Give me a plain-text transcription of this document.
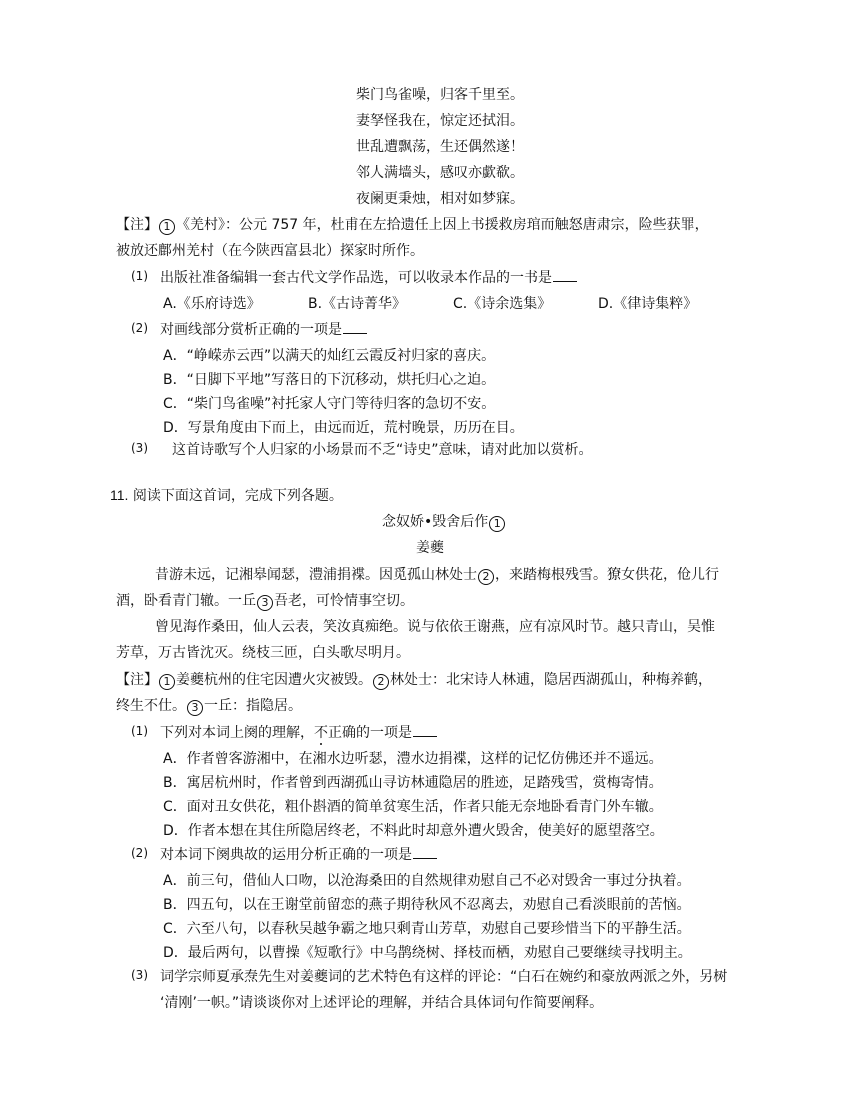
柴门鸟雀噪，归客千里至。
妻孥怪我在，惊定还拭泪。
世乱遭飘荡，生还偶然遂！
邻人满墙头，感叹亦歔欷。
夜阑更秉烛，相对如梦寐。
【注】 1 《羌村》：公元 757 年，杜甫在左拾遗任上因上书援救房琯而触怒唐肃宗，险些获罪，
被放还鄜州羌村（在今陕西富县北）探家时所作。
(1) 出版社准备编辑一套古代文学作品选，可以收录本作品的一书是
A.《乐府诗选》	B.《古诗菁华》	C.《诗余选集》	D.《律诗集粹》
(2) 对画线部分赏析正确的一项是
A．“峥嵘赤云西”以满天的灿红云霞反衬归家的喜庆。
B．“日脚下平地”写落日的下沉移动，烘托归心之迫。
C．“柴门鸟雀噪”衬托家人守门等待归客的急切不安。
D．写景角度由下而上，由远而近，荒村晚景，历历在目。
(3) 这首诗歌写个人归家的小场景而不乏“诗史”意味，请对此加以赏析。
11. 阅读下面这首词，完成下列各题。
念奴娇•毁舍后作 1
姜夔
昔游未远，记湘皋闻瑟，澧浦捐褋。因觅孤山林处士 2 ，来踏梅根残雪。獠女供花，伧儿行
酒，卧看青门辙。一丘 3 吾老，可怜情事空切。
曾见海作桑田，仙人云表，笑汝真痴绝。说与依依王谢燕，应有凉风时节。越只青山，吴惟
芳草，万古皆沈灭。绕枝三匝，白头歌尽明月。
【注】 1 姜夔杭州的住宅因遭火灾被毁。 2 林处士：北宋诗人林逋，隐居西湖孤山，种梅养鹤，
终生不仕。 3 一丘：指隐居。
(1) 下列对本词上阕的理解，不正确的一项是
A．作者曾客游湘中，在湘水边听瑟，澧水边捐褋，这样的记忆仿佛还并不遥远。
B．寓居杭州时，作者曾到西湖孤山寻访林逋隐居的胜迹，足踏残雪，赏梅寄情。
C．面对丑女供花，粗仆斟酒的简单贫寒生活，作者只能无奈地卧看青门外车辙。
D．作者本想在其住所隐居终老，不料此时却意外遭火毁舍，使美好的愿望落空。
(2) 对本词下阕典故的运用分析正确的一项是
A．前三句，借仙人口吻，以沧海桑田的自然规律劝慰自己不必对毁舍一事过分执着。
B．四五句，以在王谢堂前留恋的燕子期待秋风不忍离去，劝慰自己看淡眼前的苦恼。
C．六至八句，以春秋吴越争霸之地只剩青山芳草，劝慰自己要珍惜当下的平静生活。
D．最后两句，以曹操《短歌行》中乌鹊绕树、择枝而栖，劝慰自己要继续寻找明主。
(3) 词学宗师夏承焘先生对姜夔词的艺术特色有这样的评论：“白石在婉约和豪放两派之外，另树
‘清刚’一帜。”请谈谈你对上述评论的理解，并结合具体词句作简要阐释。
